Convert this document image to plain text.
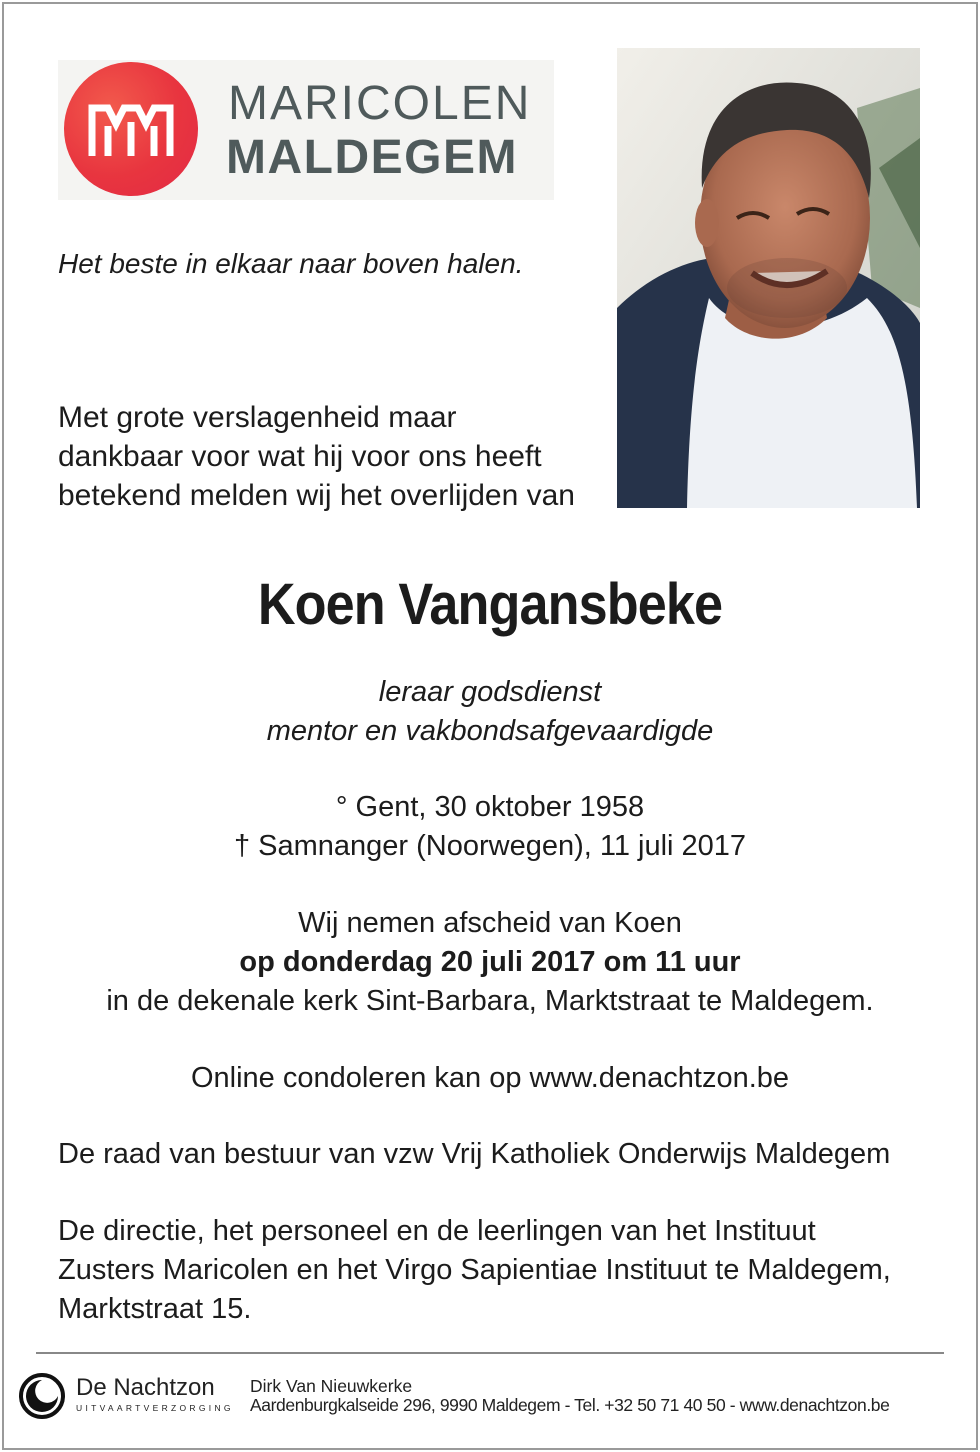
MARICOLEN
MALDEGEM
Het beste in elkaar naar boven halen.
Met grote verslagenheid maar
dankbaar voor wat hij voor ons heeft
betekend melden wij het overlijden van
Koen Vangansbeke
leraar godsdienst
mentor en vakbondsafgevaardigde
° Gent, 30 oktober 1958
† Samnanger (Noorwegen), 11 juli 2017
Wij nemen afscheid van Koen
op donderdag 20 juli 2017 om 11 uur
in de dekenale kerk Sint-Barbara, Marktstraat te Maldegem.
Online condoleren kan op www.denachtzon.be
De raad van bestuur van vzw Vrij Katholiek Onderwijs Maldegem
De directie, het personeel en de leerlingen van het Instituut
Zusters Maricolen en het Virgo Sapientiae Instituut te Maldegem,
Marktstraat 15.
De Nachtzon
UITVAARTVERZORGING
Dirk Van Nieuwkerke
Aardenburgkalseide 296, 9990 Maldegem - Tel. +32 50 71 40 50 - www.denachtzon.be
